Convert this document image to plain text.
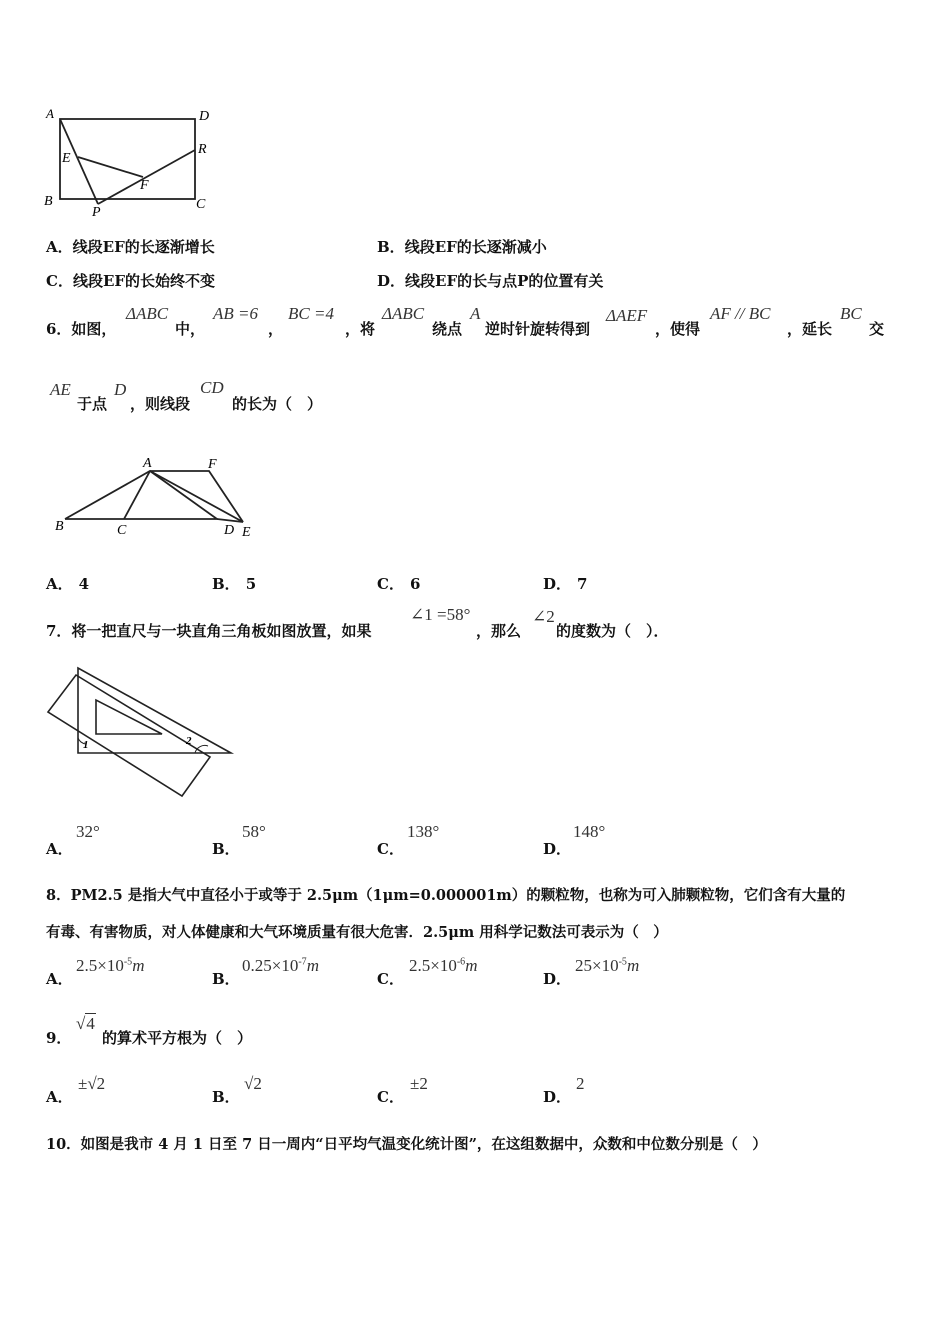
A	D
E
R
F
B
P
C
A．线段EF的长逐渐增长	B．线段EF的长逐渐减小
C．线段EF的长始终不变	D．线段EF的长与点P的位置有关
6．如图，
ΔABC
中，
AB =6
，
BC =4
，将
ΔABC
绕点
A
逆时针旋转得到
ΔAEF
，使得
AF // BC
，延长
BC
交
AE
于点
D
，则线段
CD
的长为（　）
A	F
B	C	D E
A． 4	B． 5	C． 6	D． 7
7．将一把直尺与一块直角三角板如图放置，如果
∠1 =58°
，那么
∠2
的度数为（　）．
1	2
A．
32°
B．
58°
C．
138°
D．
148°
8．PM2.5 是指大气中直径小于或等于 2.5μm（1μm=0.000001m）的颗粒物，也称为可入肺颗粒物，它们含有大量的
有毒、有害物质，对人体健康和大气环境质量有很大危害．2.5μm 用科学记数法可表示为（　）
A．
$2.5\times 10^{-5}m$
B．
$0.25\times 10^{-7}m$
C．
$2.5\times 10^{-6}m$
D．
$25\times 10^{-5}m$
9．
√4
的算术平方根为（　）
A．
±√2
B．
√2
C．
±2
D．
2
10．如图是我市 4 月 1 日至 7 日一周内“日平均气温变化统计图”，在这组数据中，众数和中位数分别是（　）
